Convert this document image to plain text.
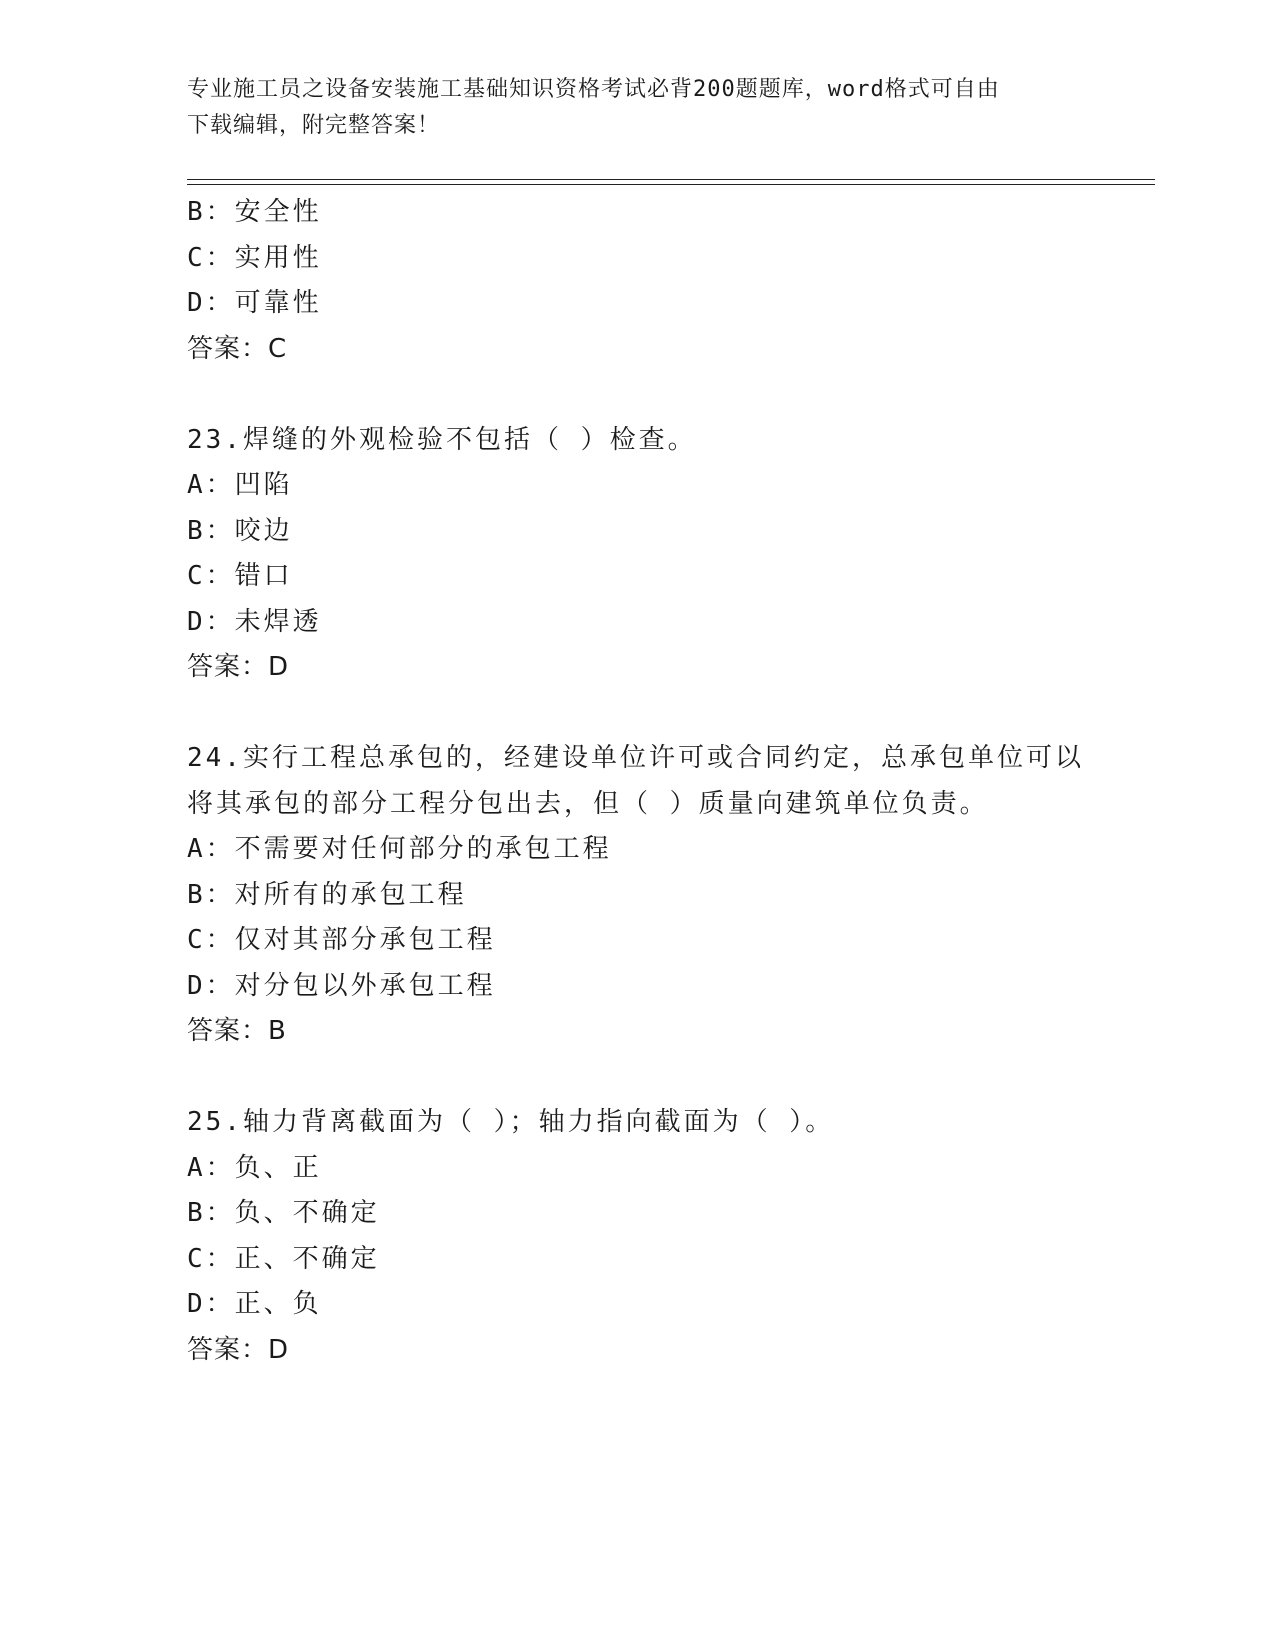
专业施工员之设备安装施工基础知识资格考试必背200题题库，word格式可自由
下载编辑，附完整答案！
B：安全性
C：实用性
D：可靠性
答案：C
23.焊缝的外观检验不包括（ ）检查。
A：凹陷
B：咬边
C：错口
D：未焊透
答案：D
24.实行工程总承包的，经建设单位许可或合同约定，总承包单位可以
将其承包的部分工程分包出去，但（ ）质量向建筑单位负责。
A：不需要对任何部分的承包工程
B：对所有的承包工程
C：仅对其部分承包工程
D：对分包以外承包工程
答案：B
25.轴力背离截面为（ ）；轴力指向截面为（ ）。
A：负、正
B：负、不确定
C：正、不确定
D：正、负
答案：D
